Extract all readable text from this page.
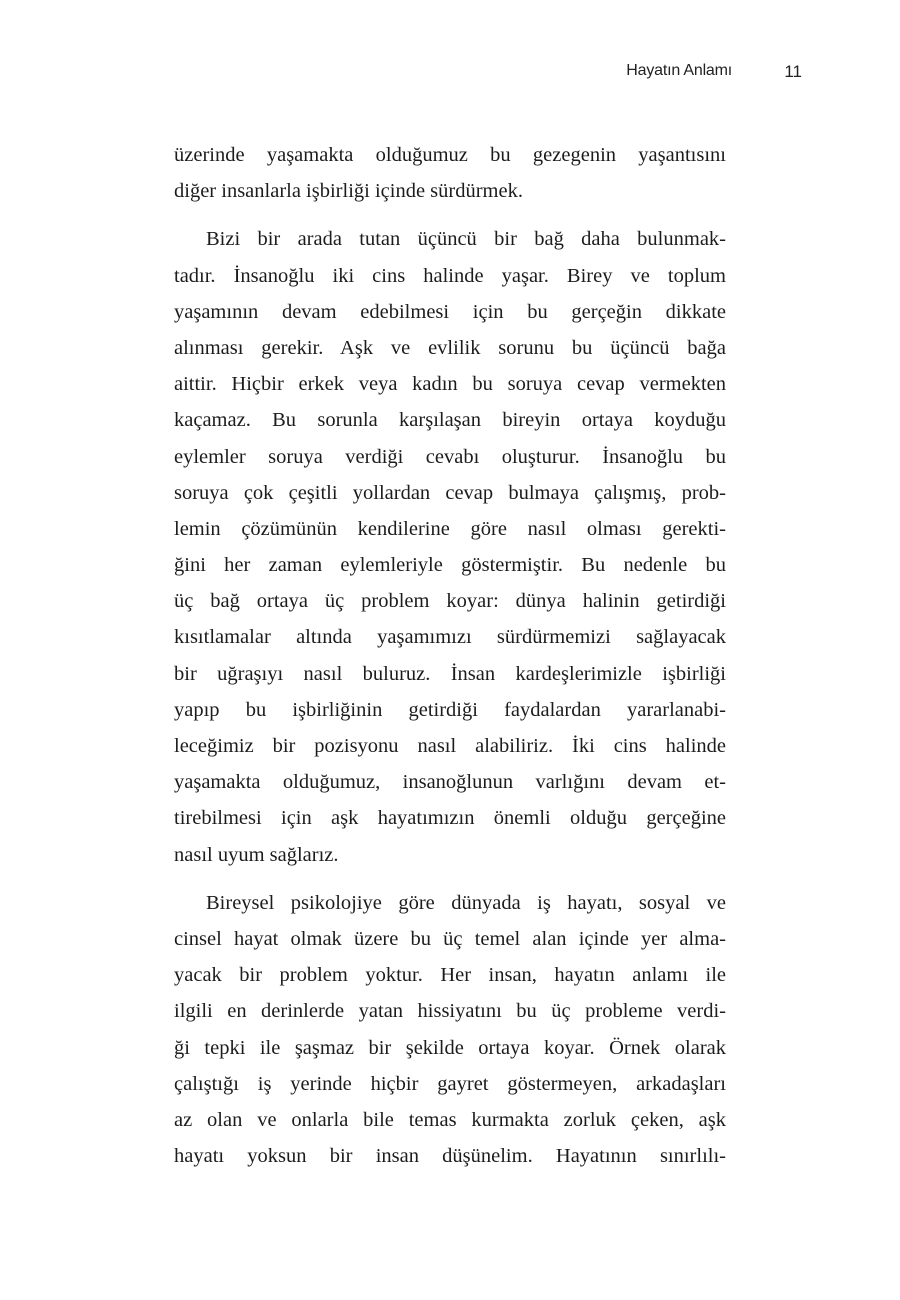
Hayatın Anlamı	11
üzerinde yaşamakta olduğumuz bu gezegenin yaşantısını
diğer insanlarla işbirliği içinde sürdürmek.
Bizi bir arada tutan üçüncü bir bağ daha bulunmak-
tadır. İnsanoğlu iki cins halinde yaşar. Birey ve toplum
yaşamının devam edebilmesi için bu gerçeğin dikkate
alınması gerekir. Aşk ve evlilik sorunu bu üçüncü bağa
aittir. Hiçbir erkek veya kadın bu soruya cevap vermekten
kaçamaz. Bu sorunla karşılaşan bireyin ortaya koyduğu
eylemler soruya verdiği cevabı oluşturur. İnsanoğlu bu
soruya çok çeşitli yollardan cevap bulmaya çalışmış, prob-
lemin çözümünün kendilerine göre nasıl olması gerekti-
ğini her zaman eylemleriyle göstermiştir. Bu nedenle bu
üç bağ ortaya üç problem koyar: dünya halinin getirdiği
kısıtlamalar altında yaşamımızı sürdürmemizi sağlayacak
bir uğraşıyı nasıl buluruz. İnsan kardeşlerimizle işbirliği
yapıp bu işbirliğinin getirdiği faydalardan yararlanabi-
leceğimiz bir pozisyonu nasıl alabiliriz. İki cins halinde
yaşamakta olduğumuz, insanoğlunun varlığını devam et-
tirebilmesi için aşk hayatımızın önemli olduğu gerçeğine
nasıl uyum sağlarız.
Bireysel psikolojiye göre dünyada iş hayatı, sosyal ve
cinsel hayat olmak üzere bu üç temel alan içinde yer alma-
yacak bir problem yoktur. Her insan, hayatın anlamı ile
ilgili en derinlerde yatan hissiyatını bu üç probleme verdi-
ği tepki ile şaşmaz bir şekilde ortaya koyar. Örnek olarak
çalıştığı iş yerinde hiçbir gayret göstermeyen, arkadaşları
az olan ve onlarla bile temas kurmakta zorluk çeken, aşk
hayatı yoksun bir insan düşünelim. Hayatının sınırlılı-
